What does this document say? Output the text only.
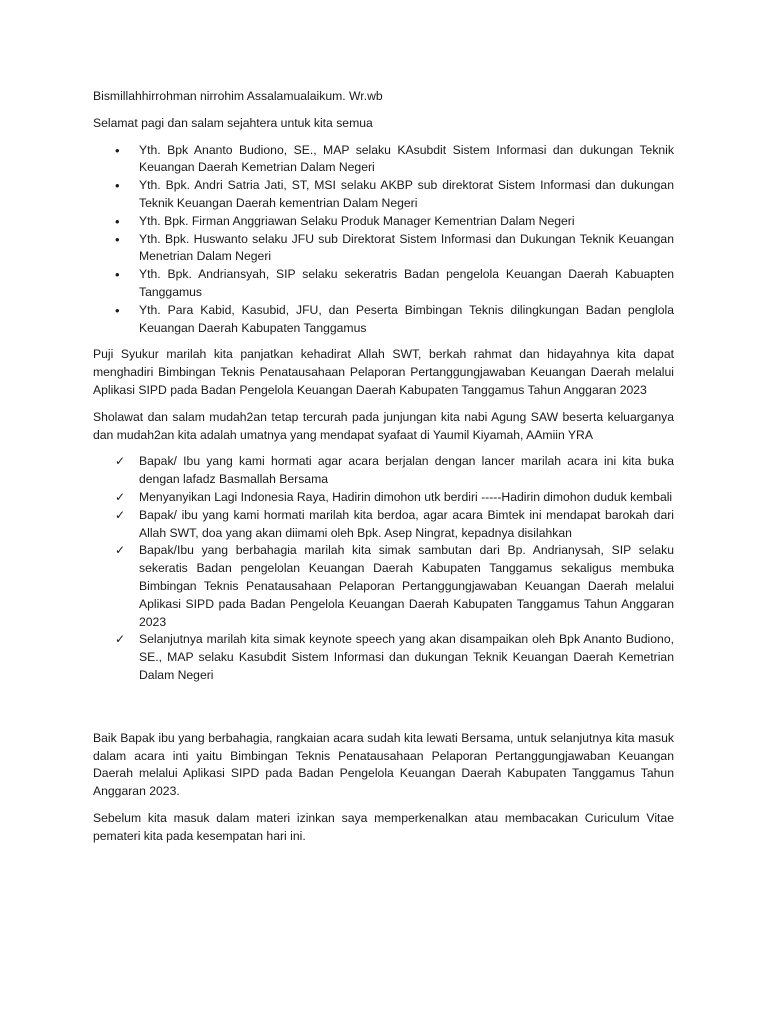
Bismillahhirrohman nirrohim Assalamualaikum. Wr.wb

Selamat pagi dan salam sejahtera untuk kita semua

• Yth. Bpk Ananto Budiono, SE., MAP selaku KAsubdit Sistem Informasi dan dukungan Teknik Keuangan Daerah Kemetrian Dalam Negeri
• Yth. Bpk. Andri Satria Jati, ST, MSI selaku AKBP sub direktorat Sistem Informasi dan dukungan Teknik Keuangan Daerah kementrian Dalam Negeri
• Yth. Bpk. Firman Anggriawan Selaku Produk Manager Kementrian Dalam Negeri
• Yth. Bpk. Huswanto selaku JFU sub Direktorat Sistem Informasi dan Dukungan Teknik Keuangan Menetrian Dalam Negeri
• Yth. Bpk. Andriansyah, SIP selaku sekeratris Badan pengelola Keuangan Daerah Kabuapten Tanggamus
• Yth. Para Kabid, Kasubid, JFU, dan Peserta Bimbingan Teknis dilingkungan Badan penglola Keuangan Daerah Kabupaten Tanggamus

Puji Syukur marilah kita panjatkan kehadirat Allah SWT, berkah rahmat dan hidayahnya kita dapat menghadiri Bimbingan Teknis Penatausahaan Pelaporan Pertanggungjawaban Keuangan Daerah melalui Aplikasi SIPD pada Badan Pengelola Keuangan Daerah Kabupaten Tanggamus Tahun Anggaran 2023

Sholawat dan salam mudah2an tetap tercurah pada junjungan kita nabi Agung SAW beserta keluarganya dan mudah2an kita adalah umatnya yang mendapat syafaat di Yaumil Kiyamah, AAmiin YRA

✓ Bapak/ Ibu yang kami hormati agar acara berjalan dengan lancer marilah acara ini kita buka dengan lafadz Basmallah Bersama
✓ Menyanyikan Lagi Indonesia Raya, Hadirin dimohon utk berdiri -----Hadirin dimohon duduk kembali
✓ Bapak/ ibu yang kami hormati marilah kita berdoa, agar acara Bimtek ini mendapat barokah dari Allah SWT, doa yang akan diimami oleh Bpk. Asep Ningrat, kepadnya disilahkan
✓ Bapak/Ibu yang berbahagia marilah kita simak sambutan dari Bp. Andrianysah, SIP selaku sekeratis Badan pengelolan Keuangan Daerah Kabupaten Tanggamus sekaligus membuka Bimbingan Teknis Penatausahaan Pelaporan Pertanggungjawaban Keuangan Daerah melalui Aplikasi SIPD pada Badan Pengelola Keuangan Daerah Kabupaten Tanggamus Tahun Anggaran 2023
✓ Selanjutnya marilah kita simak keynote speech yang akan disampaikan oleh Bpk Ananto Budiono, SE., MAP selaku Kasubdit Sistem Informasi dan dukungan Teknik Keuangan Daerah Kemetrian Dalam Negeri

Baik Bapak ibu yang berbahagia, rangkaian acara sudah kita lewati Bersama, untuk selanjutnya kita masuk dalam acara inti yaitu Bimbingan Teknis Penatausahaan Pelaporan Pertanggungjawaban Keuangan Daerah melalui Aplikasi SIPD pada Badan Pengelola Keuangan Daerah Kabupaten Tanggamus Tahun Anggaran 2023.

Sebelum kita masuk dalam materi izinkan saya memperkenalkan atau membacakan Curiculum Vitae pemateri kita pada kesempatan hari ini.
